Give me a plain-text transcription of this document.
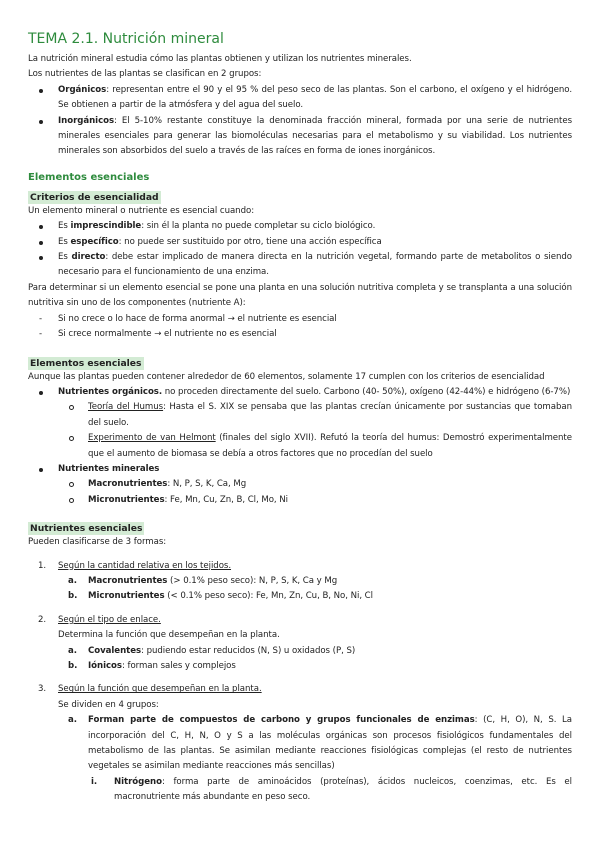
TEMA 2.1. Nutrición mineral

La nutrición mineral estudia cómo las plantas obtienen y utilizan los nutrientes minerales.

Los nutrientes de las plantas se clasifican en 2 grupos:

Orgánicos: representan entre el 90 y el 95 % del peso seco de las plantas. Son el carbono, el oxígeno y el hidrógeno. Se obtienen a partir de la atmósfera y del agua del suelo.
Inorgánicos: El 5-10% restante constituye la denominada fracción mineral, formada por una serie de nutrientes minerales esenciales para generar las biomoléculas necesarias para el metabolismo y su viabilidad. Los nutrientes minerales son absorbidos del suelo a través de las raíces en forma de iones inorgánicos.
Elementos esenciales
Criterios de esencialidad

Un elemento mineral o nutriente es esencial cuando:

Es imprescindible: sin él la planta no puede completar su ciclo biológico.
Es específico: no puede ser sustituido por otro, tiene una acción específica
Es directo: debe estar implicado de manera directa en la nutrición vegetal, formando parte de metabolitos o siendo necesario para el funcionamiento de una enzima.

Para determinar si un elemento esencial se pone una planta en una solución nutritiva completa y se transplanta a una solución nutritiva sin uno de los componentes (nutriente A):

- Si no crece o lo hace de forma anormal → el nutriente es esencial
- Si crece normalmente → el nutriente no es esencial
Elementos esenciales

Aunque las plantas pueden contener alrededor de 60 elementos, solamente 17 cumplen con los criterios de esencialidad

Nutrientes orgánicos. no proceden directamente del suelo. Carbono (40- 50%), oxígeno (42-44%) e hidrógeno (6-7%)
Teoría del Humus: Hasta el S. XIX se pensaba que las plantas crecían únicamente por sustancias que tomaban del suelo.
Experimento de van Helmont (finales del siglo XVII). Refutó la teoría del humus: Demostró experimentalmente que el aumento de biomasa se debía a otros factores que no procedían del suelo
Nutrientes minerales
Macronutrientes: N, P, S, K, Ca, Mg
Micronutrientes: Fe, Mn, Cu, Zn, B, Cl, Mo, Ni
Nutrientes esenciales

Pueden clasificarse de 3 formas:

1. Según la cantidad relativa en los tejidos.
a. Macronutrientes (> 0.1% peso seco): N, P, S, K, Ca y Mg
b. Micronutrientes (< 0.1% peso seco): Fe, Mn, Zn, Cu, B, No, Ni, Cl
2. Según el tipo de enlace.
Determina la función que desempeñan en la planta.
a. Covalentes: pudiendo estar reducidos (N, S) u oxidados (P, S)
b. Iónicos: forman sales y complejos
3. Según la función que desempeñan en la planta.
Se dividen en 4 grupos:
a. Forman parte de compuestos de carbono y grupos funcionales de enzimas: (C, H, O), N, S. La incorporación del C, H, N, O y S a las moléculas orgánicas son procesos fisiológicos fundamentales del metabolismo de las plantas. Se asimilan mediante reacciones fisiológicas complejas (el resto de nutrientes vegetales se asimilan mediante reacciones más sencillas)
i. Nitrógeno: forma parte de aminoácidos (proteínas), ácidos nucleicos, coenzimas, etc. Es el macronutriente más abundante en peso seco.
